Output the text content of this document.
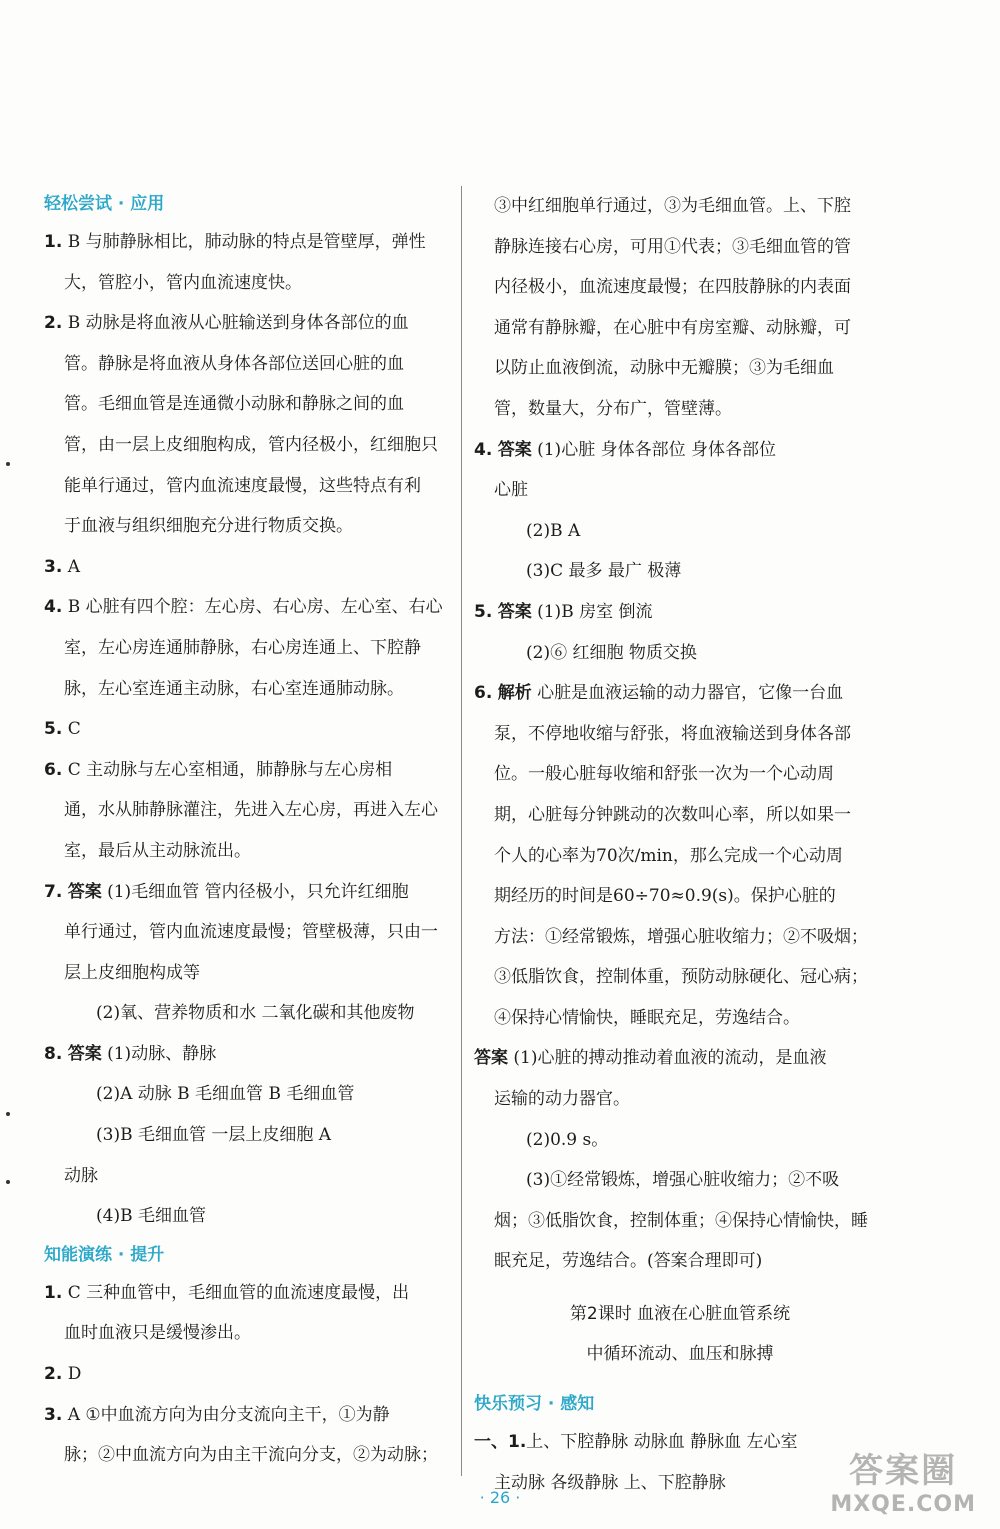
轻松尝试 · 应用
1. B 与肺静脉相比，肺动脉的特点是管壁厚，弹性
大，管腔小，管内血流速度快。
2. B 动脉是将血液从心脏输送到身体各部位的血
管。静脉是将血液从身体各部位送回心脏的血
管。毛细血管是连通微小动脉和静脉之间的血
管，由一层上皮细胞构成，管内径极小，红细胞只
能单行通过，管内血流速度最慢，这些特点有利
于血液与组织细胞充分进行物质交换。
3. A
4. B 心脏有四个腔：左心房、右心房、左心室、右心
室，左心房连通肺静脉，右心房连通上、下腔静
脉，左心室连通主动脉，右心室连通肺动脉。
5. C
6. C 主动脉与左心室相通，肺静脉与左心房相
通，水从肺静脉灌注，先进入左心房，再进入左心
室，最后从主动脉流出。
7. 答案 (1)毛细血管 管内径极小，只允许红细胞
单行通过，管内血流速度最慢；管壁极薄，只由一
层上皮细胞构成等
(2)氧、营养物质和水 二氧化碳和其他废物
8. 答案 (1)动脉、静脉
(2)A 动脉 B 毛细血管 B 毛细血管
(3)B 毛细血管 一层上皮细胞 A
动脉
(4)B 毛细血管
知能演练 · 提升
1. C 三种血管中，毛细血管的血流速度最慢，出
血时血液只是缓慢渗出。
2. D
3. A ①中血流方向为由分支流向主干，①为静
脉；②中血流方向为由主干流向分支，②为动脉；
③中红细胞单行通过，③为毛细血管。上、下腔
静脉连接右心房，可用①代表；③毛细血管的管
内径极小，血流速度最慢；在四肢静脉的内表面
通常有静脉瓣，在心脏中有房室瓣、动脉瓣，可
以防止血液倒流，动脉中无瓣膜；③为毛细血
管，数量大，分布广，管壁薄。
4. 答案 (1)心脏 身体各部位 身体各部位
心脏
(2)B A
(3)C 最多 最广 极薄
5. 答案 (1)B 房室 倒流
(2)⑥ 红细胞 物质交换
6. 解析 心脏是血液运输的动力器官，它像一台血
泵，不停地收缩与舒张，将血液输送到身体各部
位。一般心脏每收缩和舒张一次为一个心动周
期，心脏每分钟跳动的次数叫心率，所以如果一
个人的心率为70次/min，那么完成一个心动周
期经历的时间是60÷70≈0.9(s)。保护心脏的
方法：①经常锻炼，增强心脏收缩力；②不吸烟；
③低脂饮食，控制体重，预防动脉硬化、冠心病；
④保持心情愉快，睡眠充足，劳逸结合。
答案 (1)心脏的搏动推动着血液的流动，是血液
运输的动力器官。
(2)0.9 s。
(3)①经常锻炼，增强心脏收缩力；②不吸
烟；③低脂饮食，控制体重；④保持心情愉快，睡
眠充足，劳逸结合。(答案合理即可)
第2课时 血液在心脏血管系统
中循环流动、血压和脉搏
快乐预习 · 感知
一、1.上、下腔静脉 动脉血 静脉血 左心室
主动脉 各级静脉 上、下腔静脉
· 26 ·
答案圈
MXQE.COM
